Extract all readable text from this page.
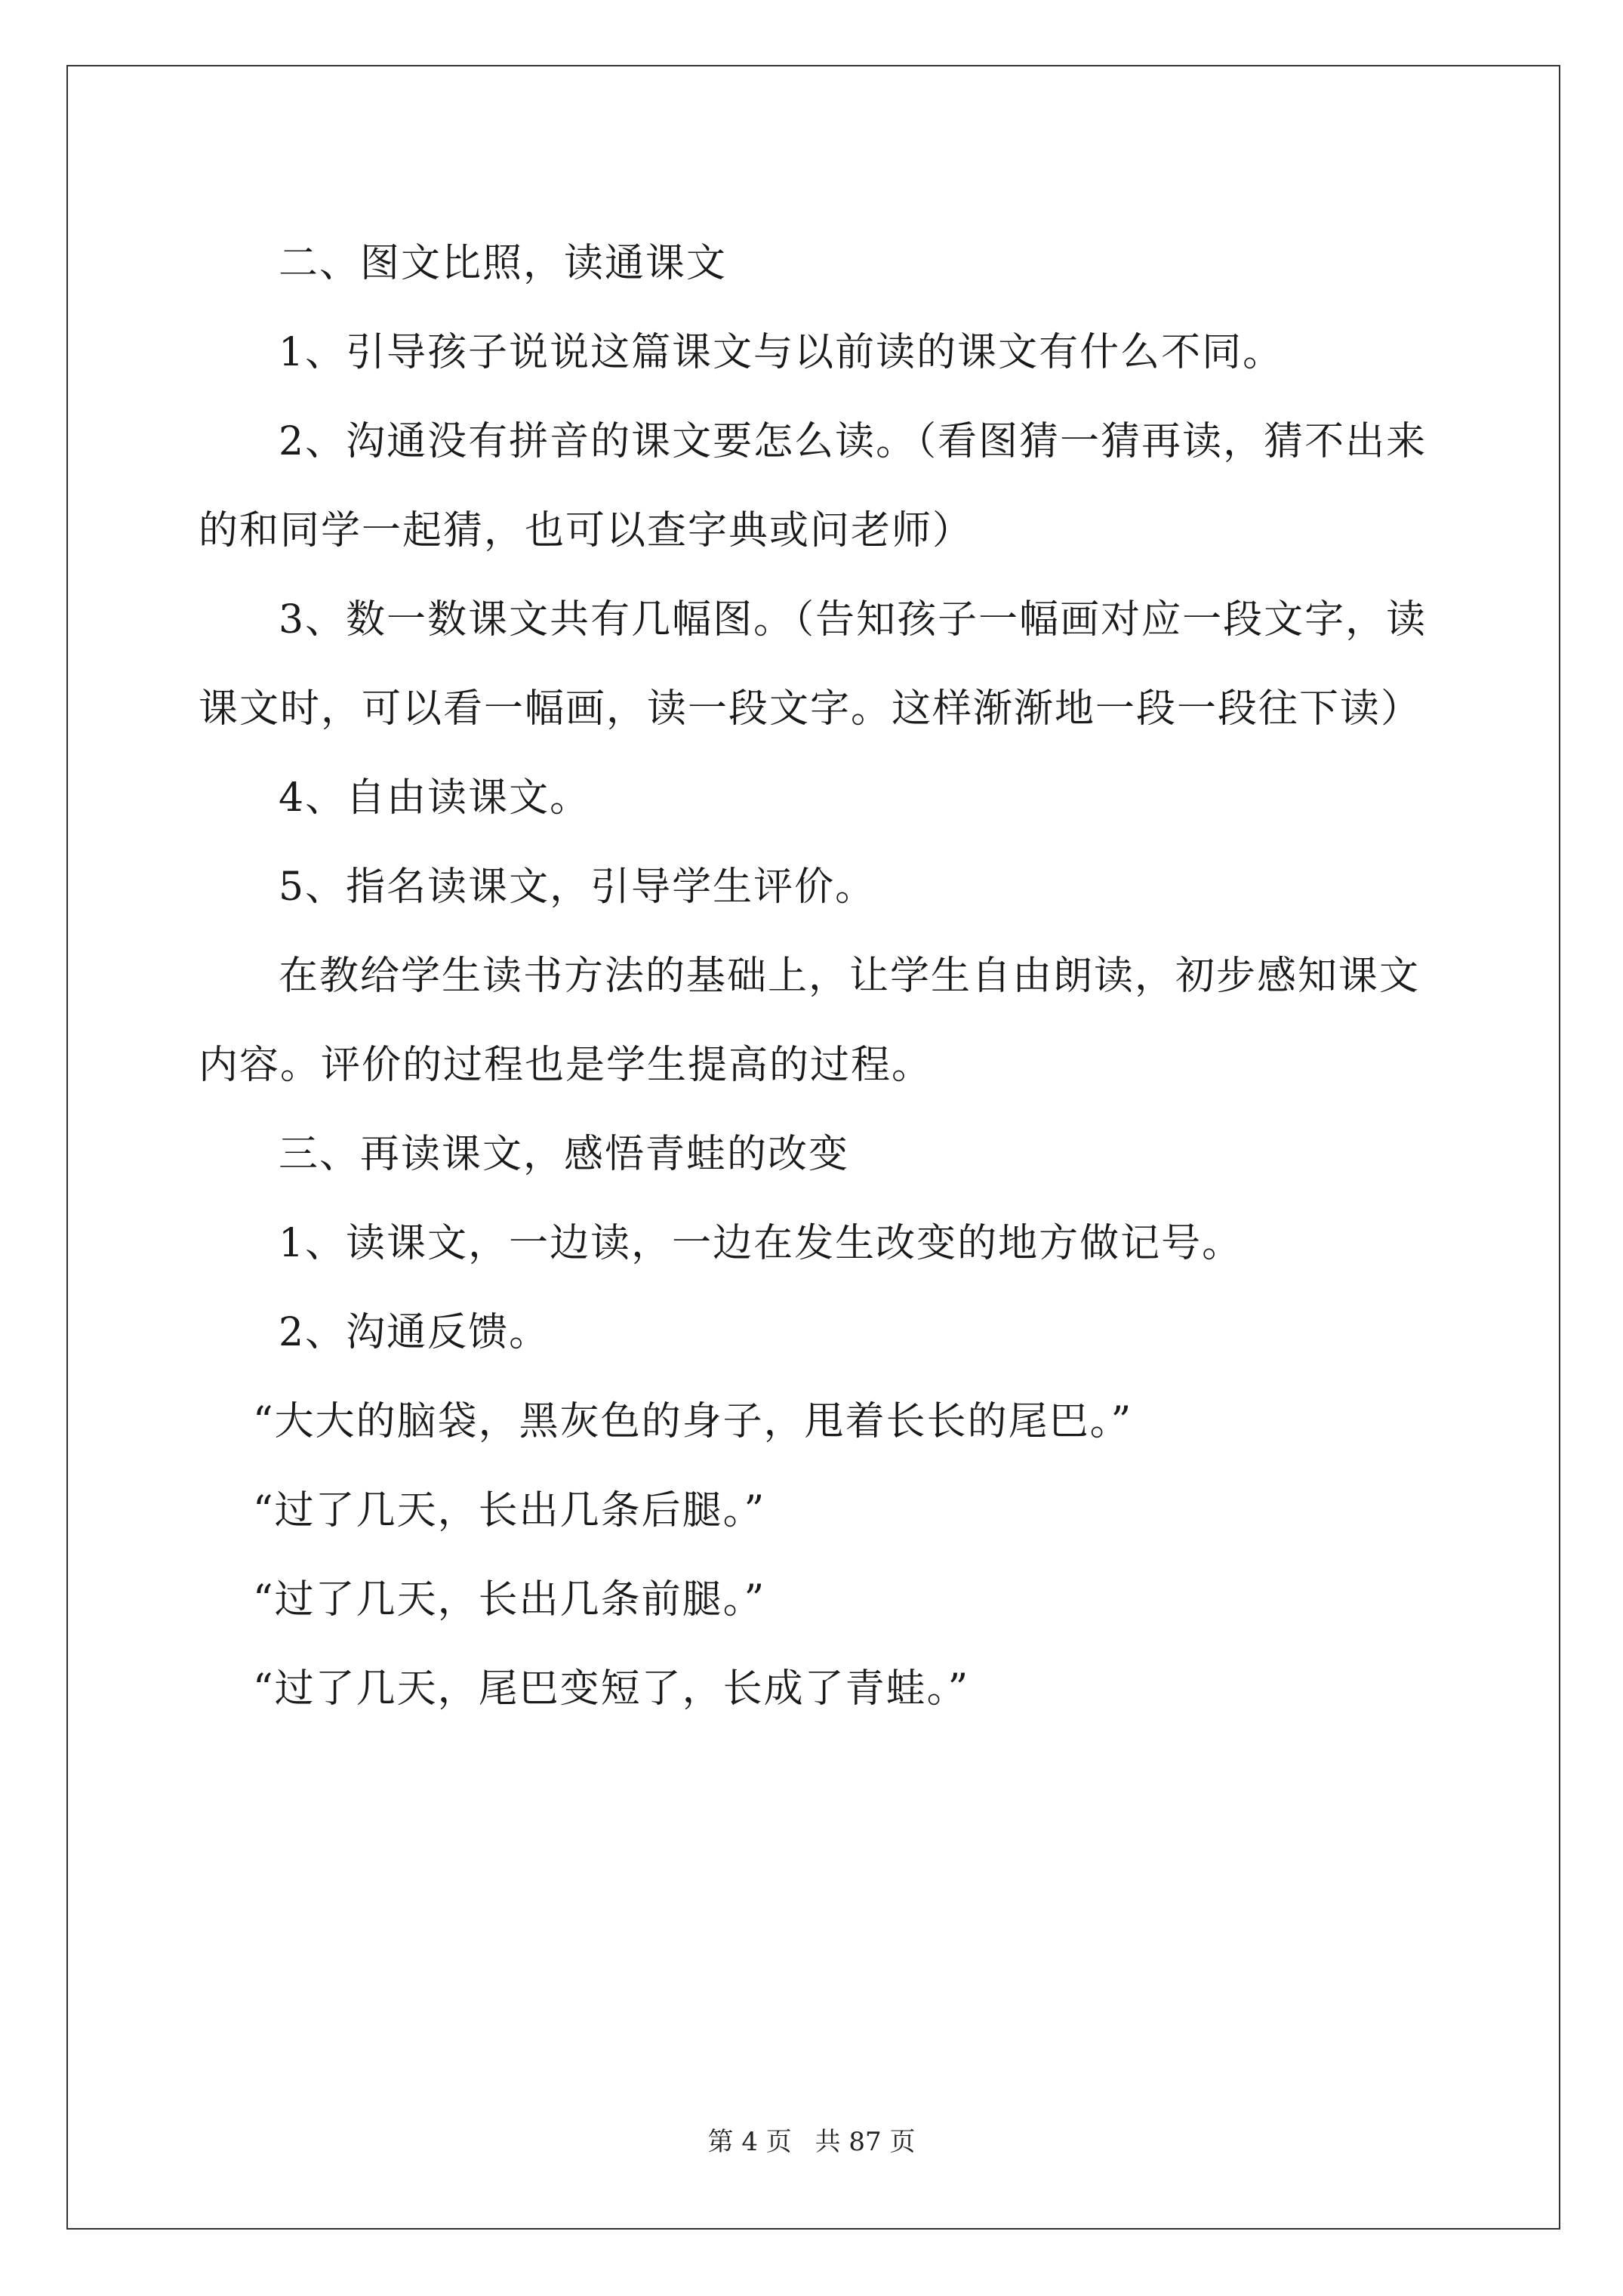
二、图文比照，读通课文
1、引导孩子说说这篇课文与以前读的课文有什么不同。
2、沟通没有拼音的课文要怎么读。（看图猜一猜再读，猜不出来
的和同学一起猜，也可以查字典或问老师）
3、数一数课文共有几幅图。（告知孩子一幅画对应一段文字，读
课文时，可以看一幅画，读一段文字。这样渐渐地一段一段往下读）
4、自由读课文。
5、指名读课文，引导学生评价。
在教给学生读书方法的基础上，让学生自由朗读，初步感知课文
内容。评价的过程也是学生提高的过程。
三、再读课文，感悟青蛙的改变
1、读课文，一边读，一边在发生改变的地方做记号。
2、沟通反馈。
“大大的脑袋，黑灰色的身子，甩着长长的尾巴。”
“过了几天，长出几条后腿。”
“过了几天，长出几条前腿。”
“过了几天，尾巴变短了，长成了青蛙。”
第 4 页 共 87 页
